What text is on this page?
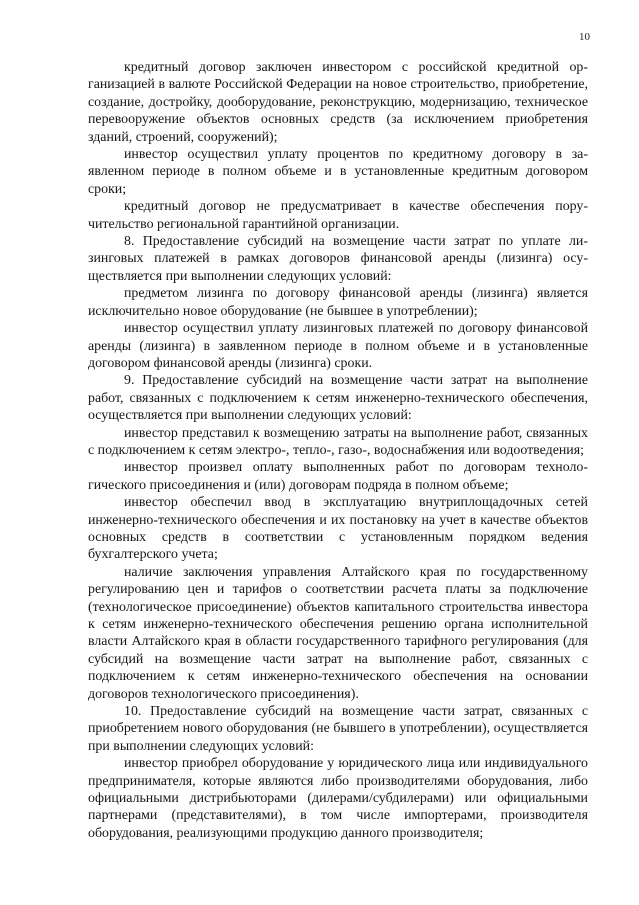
10

кредитный договор заключен инвестором с российской кредитной организацией в валюте Российской Федерации на новое строительство, приобретение, создание, достройку, дооборудование, реконструкцию, модернизацию, техническое перевооружение объектов основных средств (за исключением приобретения зданий, строений, сооружений);

инвестор осуществил уплату процентов по кредитному договору в заявленном периоде в полном объеме и в установленные кредитным договором сроки;

кредитный договор не предусматривает в качестве обеспечения поручительство региональной гарантийной организации.

8. Предоставление субсидий на возмещение части затрат по уплате лизинговых платежей в рамках договоров финансовой аренды (лизинга) осуществляется при выполнении следующих условий:

предметом лизинга по договору финансовой аренды (лизинга) является исключительно новое оборудование (не бывшее в употреблении);

инвестор осуществил уплату лизинговых платежей по договору финансовой аренды (лизинга) в заявленном периоде в полном объеме и в установленные договором финансовой аренды (лизинга) сроки.

9. Предоставление субсидий на возмещение части затрат на выполнение работ, связанных с подключением к сетям инженерно-технического обеспечения, осуществляется при выполнении следующих условий:

инвестор представил к возмещению затраты на выполнение работ, связанных с подключением к сетям электро-, тепло-, газо-, водоснабжения или водоотведения;

инвестор произвел оплату выполненных работ по договорам технологического присоединения и (или) договорам подряда в полном объеме;

инвестор обеспечил ввод в эксплуатацию внутриплощадочных сетей инженерно-технического обеспечения и их постановку на учет в качестве объектов основных средств в соответствии с установленным порядком ведения бухгалтерского учета;

наличие заключения управления Алтайского края по государственному регулированию цен и тарифов о соответствии расчета платы за подключение (технологическое присоединение) объектов капитального строительства инвестора к сетям инженерно-технического обеспечения решению органа исполнительной власти Алтайского края в области государственного тарифного регулирования (для субсидий на возмещение части затрат на выполнение работ, связанных с подключением к сетям инженерно-технического обеспечения на основании договоров технологического присоединения).

10. Предоставление субсидий на возмещение части затрат, связанных с приобретением нового оборудования (не бывшего в употреблении), осуществляется при выполнении следующих условий:

инвестор приобрел оборудование у юридического лица или индивидуального предпринимателя, которые являются либо производителями оборудования, либо официальными дистрибьюторами (дилерами/субдилерами) или официальными партнерами (представителями), в том числе импортерами, производителя оборудования, реализующими продукцию данного производителя;
